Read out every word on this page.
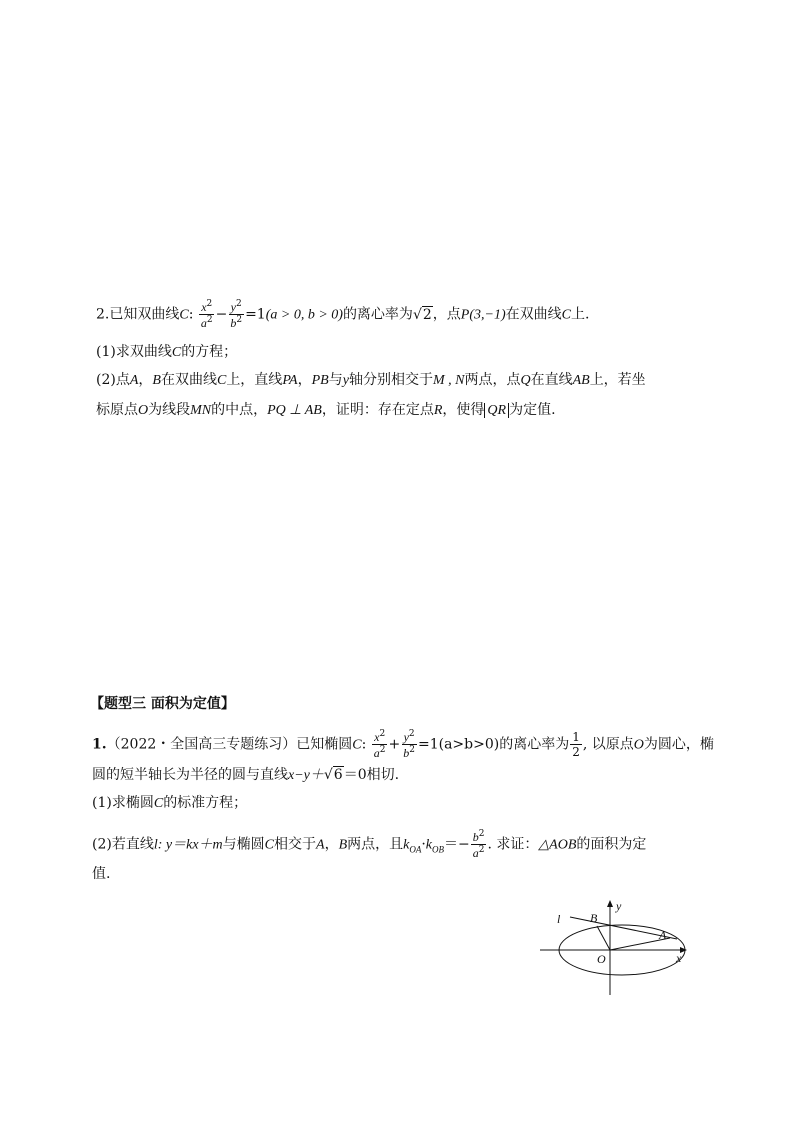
2.已知双曲线C: $\frac{x^2}{a^2} - \frac{y^2}{b^2} =1(a > 0$, b > 0)的离心率为√2，点P(3,−1)在双曲线C上.
(1)求双曲线C的方程；
(2)点A，B在双曲线C上，直线PA，PB与y轴分别相交于M , N两点，点Q在直线AB上，若坐
标原点O为线段MN的中点，PQ ⊥ AB，证明：存在定点R，使得 QR 为定值.
【题型三 面积为定值】
1.（2022・全国高三专题练习）已知椭圆C: $\frac{x^2}{a^2} + \frac{y^2}{b^2} =1(a>b>0)$的离心率为 $\frac{1}{2}$ , 以原点O为圆心，椭
圆的短半轴长为半径的圆与直线x−y＋√6＝0相切.
(1)求椭圆C的标准方程；
(2)若直线l: y＝kx＋m与椭圆C相交于A，B两点，且$k_{OA}\cdot k_{OB}=- \frac{b^2}{a^2}$ . 求证：△AOB的面积为定
值.
l B
A
O	x
y
